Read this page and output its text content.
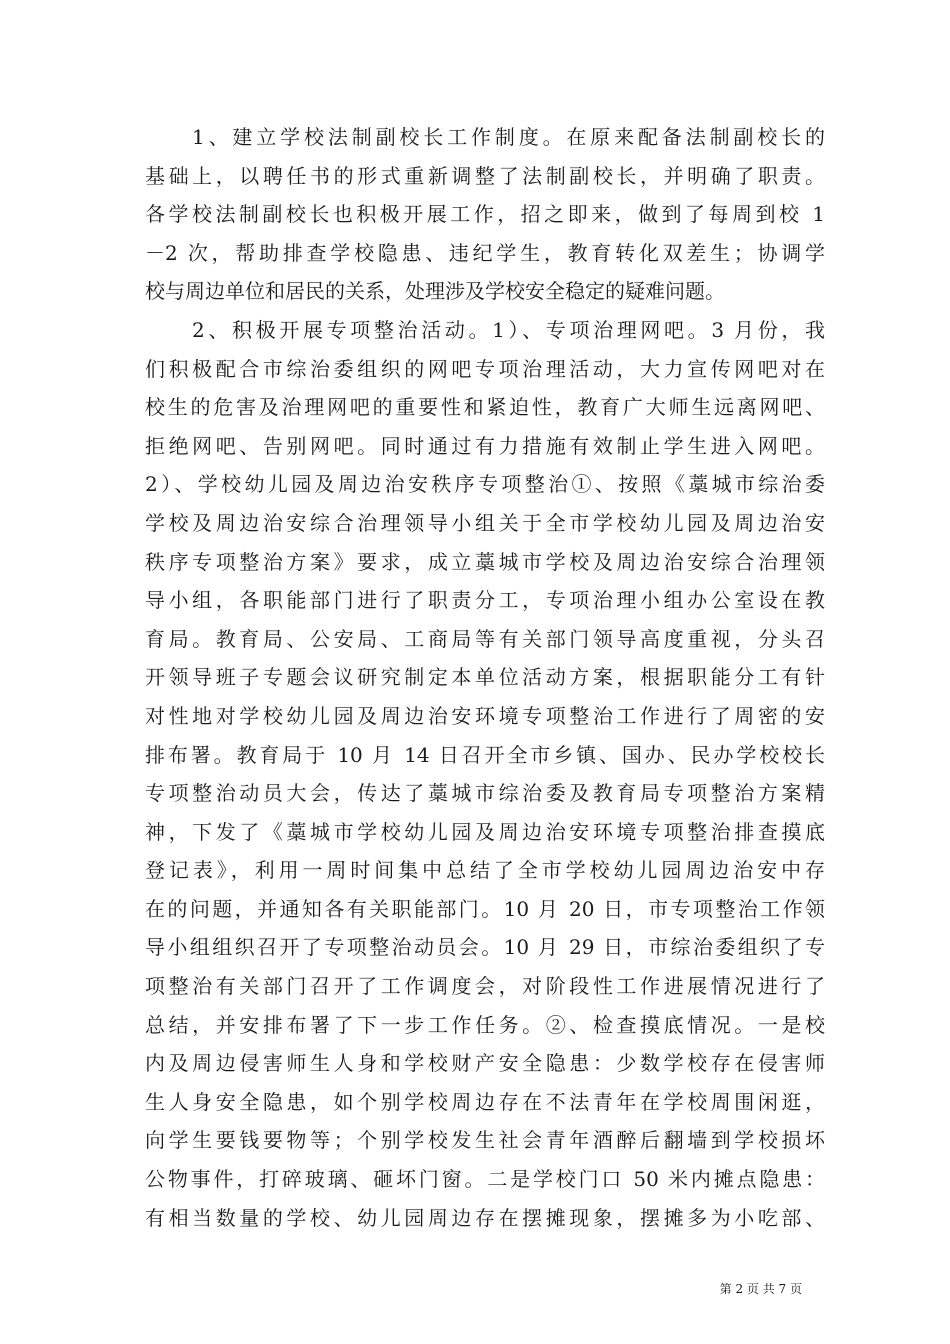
1、建立学校法制副校长工作制度。在原来配备法制副校长的
基础上，以聘任书的形式重新调整了法制副校长，并明确了职责。
各学校法制副校长也积极开展工作，招之即来，做到了每周到校 1
－2 次，帮助排查学校隐患、违纪学生，教育转化双差生；协调学
校与周边单位和居民的关系，处理涉及学校安全稳定的疑难问题。
2、积极开展专项整治活动。1）、专项治理网吧。3 月份，我
们积极配合市综治委组织的网吧专项治理活动，大力宣传网吧对在
校生的危害及治理网吧的重要性和紧迫性，教育广大师生远离网吧、
拒绝网吧、告别网吧。同时通过有力措施有效制止学生进入网吧。
2）、学校幼儿园及周边治安秩序专项整治①、按照《藁城市综治委
学校及周边治安综合治理领导小组关于全市学校幼儿园及周边治安
秩序专项整治方案》要求，成立藁城市学校及周边治安综合治理领
导小组，各职能部门进行了职责分工，专项治理小组办公室设在教
育局。教育局、公安局、工商局等有关部门领导高度重视，分头召
开领导班子专题会议研究制定本单位活动方案，根据职能分工有针
对性地对学校幼儿园及周边治安环境专项整治工作进行了周密的安
排布署。教育局于 10 月 14 日召开全市乡镇、国办、民办学校校长
专项整治动员大会，传达了藁城市综治委及教育局专项整治方案精
神，下发了《藁城市学校幼儿园及周边治安环境专项整治排查摸底
登记表》，利用一周时间集中总结了全市学校幼儿园周边治安中存
在的问题，并通知各有关职能部门。10 月 20 日，市专项整治工作领
导小组组织召开了专项整治动员会。10 月 29 日，市综治委组织了专
项整治有关部门召开了工作调度会，对阶段性工作进展情况进行了
总结，并安排布署了下一步工作任务。②、检查摸底情况。一是校
内及周边侵害师生人身和学校财产安全隐患：少数学校存在侵害师
生人身安全隐患，如个别学校周边存在不法青年在学校周围闲逛，
向学生要钱要物等；个别学校发生社会青年酒醉后翻墙到学校损坏
公物事件，打碎玻璃、砸坏门窗。二是学校门口 50 米内摊点隐患：
有相当数量的学校、幼儿园周边存在摆摊现象，摆摊多为小吃部、
第 2 页 共 7 页
